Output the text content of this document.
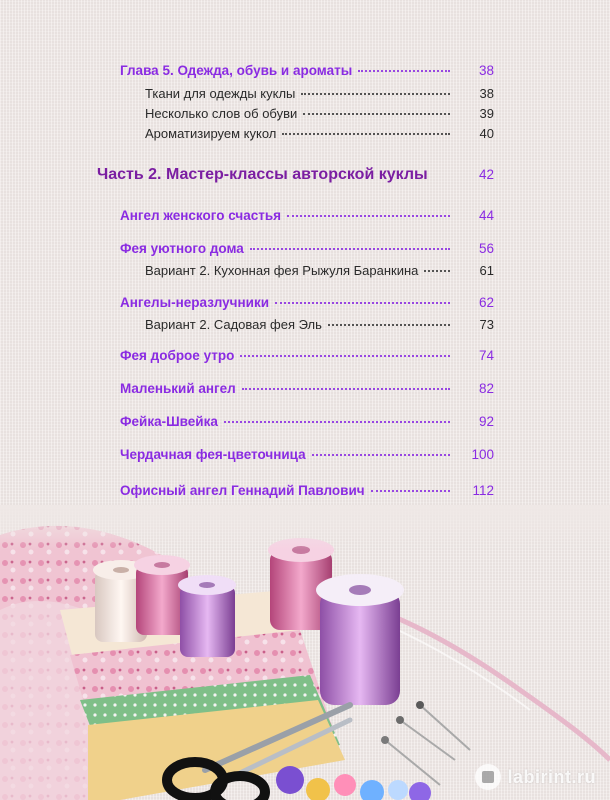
Глава 5. Одежда, обувь и ароматы	38
Ткани для одежды куклы	38
Несколько слов об обуви	39
Ароматизируем кукол	40
Часть 2. Мастер-классы авторской куклы	42
Ангел женского счастья	44
Фея уютного дома	56
Вариант 2. Кухонная фея Рыжуля Баранкина	61
Ангелы-неразлучники	62
Вариант 2. Садовая фея Эль	73
Фея доброе утро	74
Маленький ангел	82
Фейка-Швейка	92
Чердачная фея-цветочница	100
Офисный ангел Геннадий Павлович	112
labirint.ru
